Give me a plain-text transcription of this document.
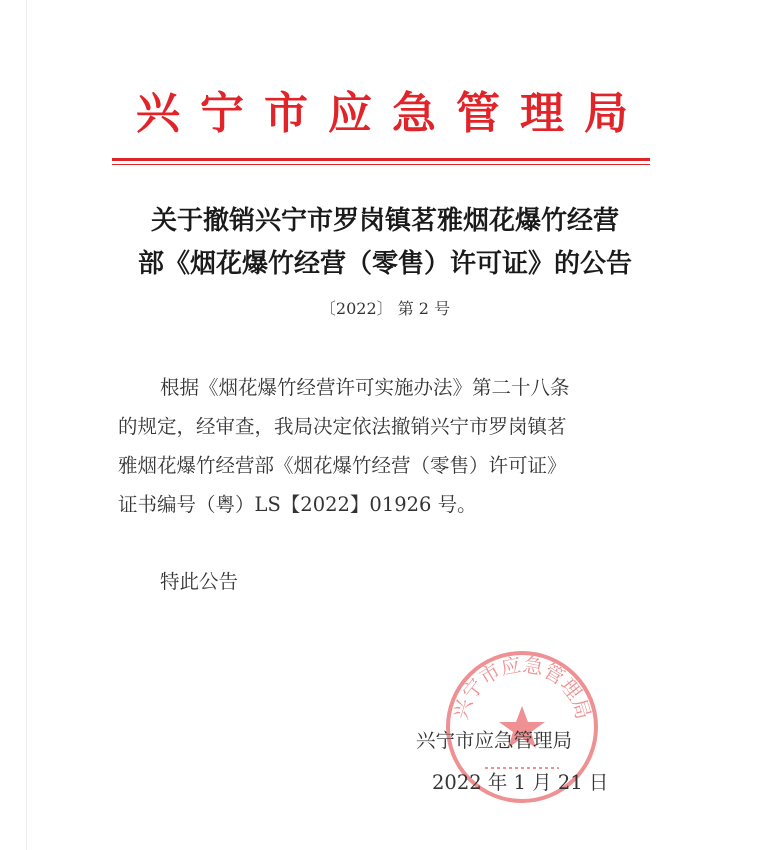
兴宁市应急管理局
关于撤销兴宁市罗岗镇茗雅烟花爆竹经营
部《烟花爆竹经营（零售）许可证》的公告
〔2022〕 第 2 号
根据《烟花爆竹经营许可实施办法》第二十八条
的规定，经审查，我局决定依法撤销兴宁市罗岗镇茗
雅烟花爆竹经营部《烟花爆竹经营（零售）许可证》
证书编号（粤）LS【2022】01926 号。
特此公告
兴宁市应急管理局
兴宁市应急管理局
2022 年 1 月 21 日
